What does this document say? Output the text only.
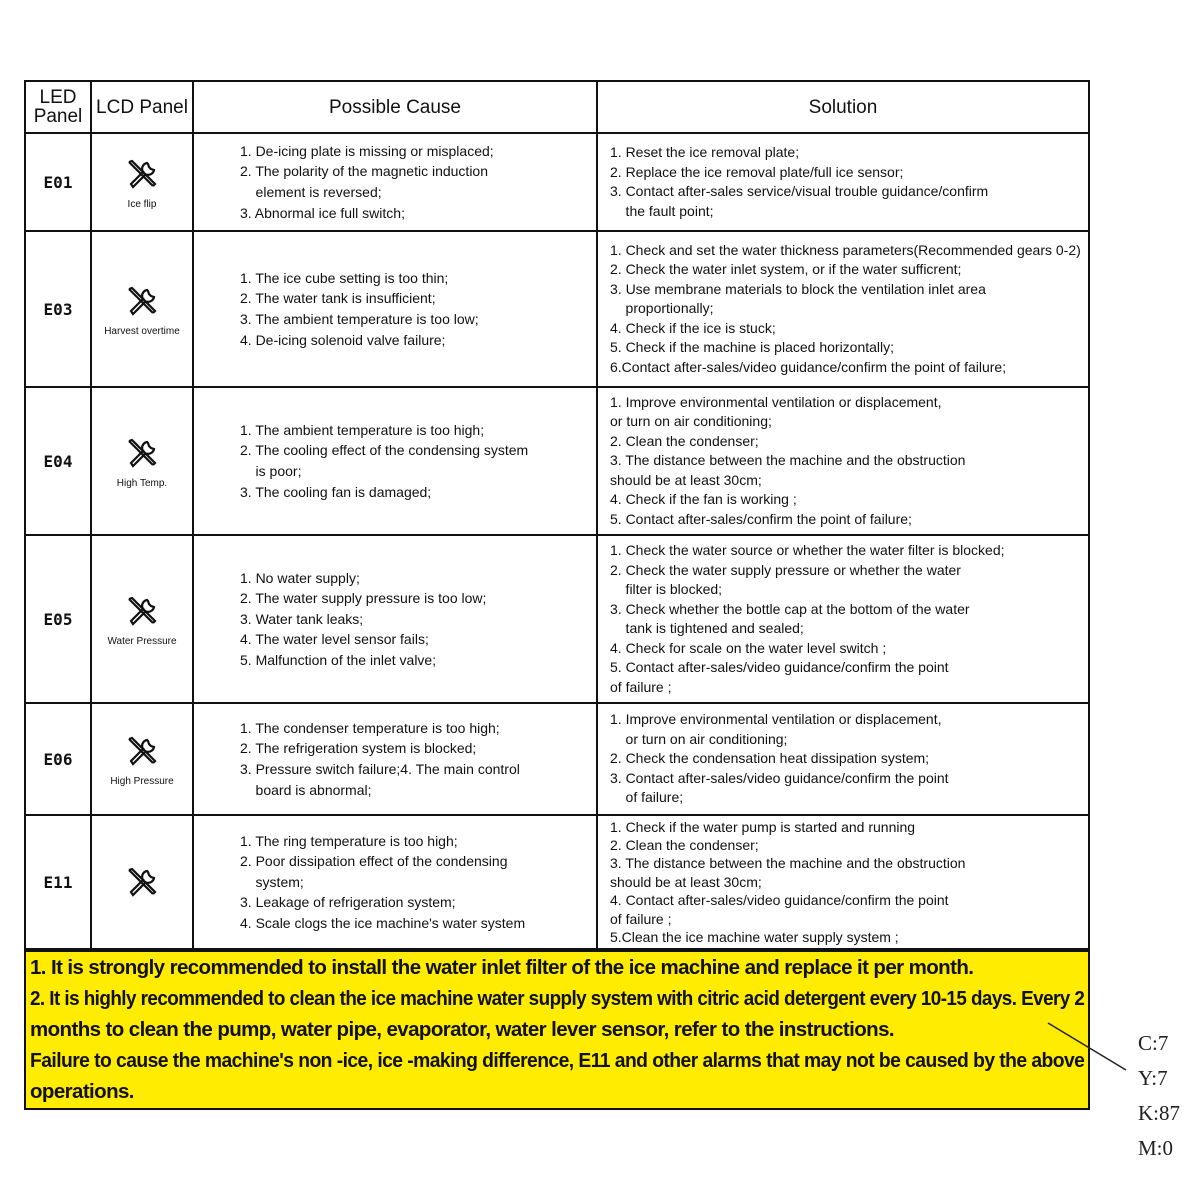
LED Panel LCD Panel	Possible Cause	Solution
E01
Ice flip
1. De-icing plate is missing or misplaced;
2. The polarity of the magnetic induction
element is reversed;
3. Abnormal ice full switch;
1. Reset the ice removal plate;
2. Replace the ice removal plate/full ice sensor;
3. Contact after-sales service/visual trouble guidance/confirm
the fault point;
E03
Harvest overtime
1. The ice cube setting is too thin;
2. The water tank is insufficient;
3. The ambient temperature is too low;
4. De-icing solenoid valve failure;
1. Check and set the water thickness parameters(Recommended gears 0-2)
2. Check the water inlet system, or if the water sufficrent;
3. Use membrane materials to block the ventilation inlet area
proportionally;
4. Check if the ice is stuck;
5. Check if the machine is placed horizontally;
6.Contact after-sales/video guidance/confirm the point of failure;
E04
High Temp.
1. The ambient temperature is too high;
2. The cooling effect of the condensing system
is poor;
3. The cooling fan is damaged;
1. Improve environmental ventilation or displacement,
or turn on air conditioning;
2. Clean the condenser;
3. The distance between the machine and the obstruction
should be at least 30cm;
4. Check if the fan is working ;
5. Contact after-sales/confirm the point of failure;
E05
Water Pressure
1. No water supply;
2. The water supply pressure is too low;
3. Water tank leaks;
4. The water level sensor fails;
5. Malfunction of the inlet valve;
1. Check the water source or whether the water filter is blocked;
2. Check the water supply pressure or whether the water
filter is blocked;
3. Check whether the bottle cap at the bottom of the water
tank is tightened and sealed;
4. Check for scale on the water level switch ;
5. Contact after-sales/video guidance/confirm the point
of failure ;
E06
High Pressure
1. The condenser temperature is too high;
2. The refrigeration system is blocked;
3. Pressure switch failure;4. The main control
board is abnormal;
1. Improve environmental ventilation or displacement,
or turn on air conditioning;
2. Check the condensation heat dissipation system;
3. Contact after-sales/video guidance/confirm the point
of failure;
E11
1. The ring temperature is too high;
2. Poor dissipation effect of the condensing
system;
3. Leakage of refrigeration system;
4. Scale clogs the ice machine's water system
1. Check if the water pump is started and running
2. Clean the condenser;
3. The distance between the machine and the obstruction
should be at least 30cm;
4. Contact after-sales/video guidance/confirm the point
of failure ;
5.Clean the ice machine water supply system ;
1. It is strongly recommended to install the water inlet filter of the ice machine and replace it per month.
2. It is highly recommended to clean the ice machine water supply system with citric acid detergent every 10-15 days. Every 2
months to clean the pump, water pipe, evaporator, water lever sensor, refer to the instructions.
Failure to cause the machine's non -ice, ice -making difference, E11 and other alarms that may not be caused by the above
operations.
C:7
Y:7
K:87
M:0
